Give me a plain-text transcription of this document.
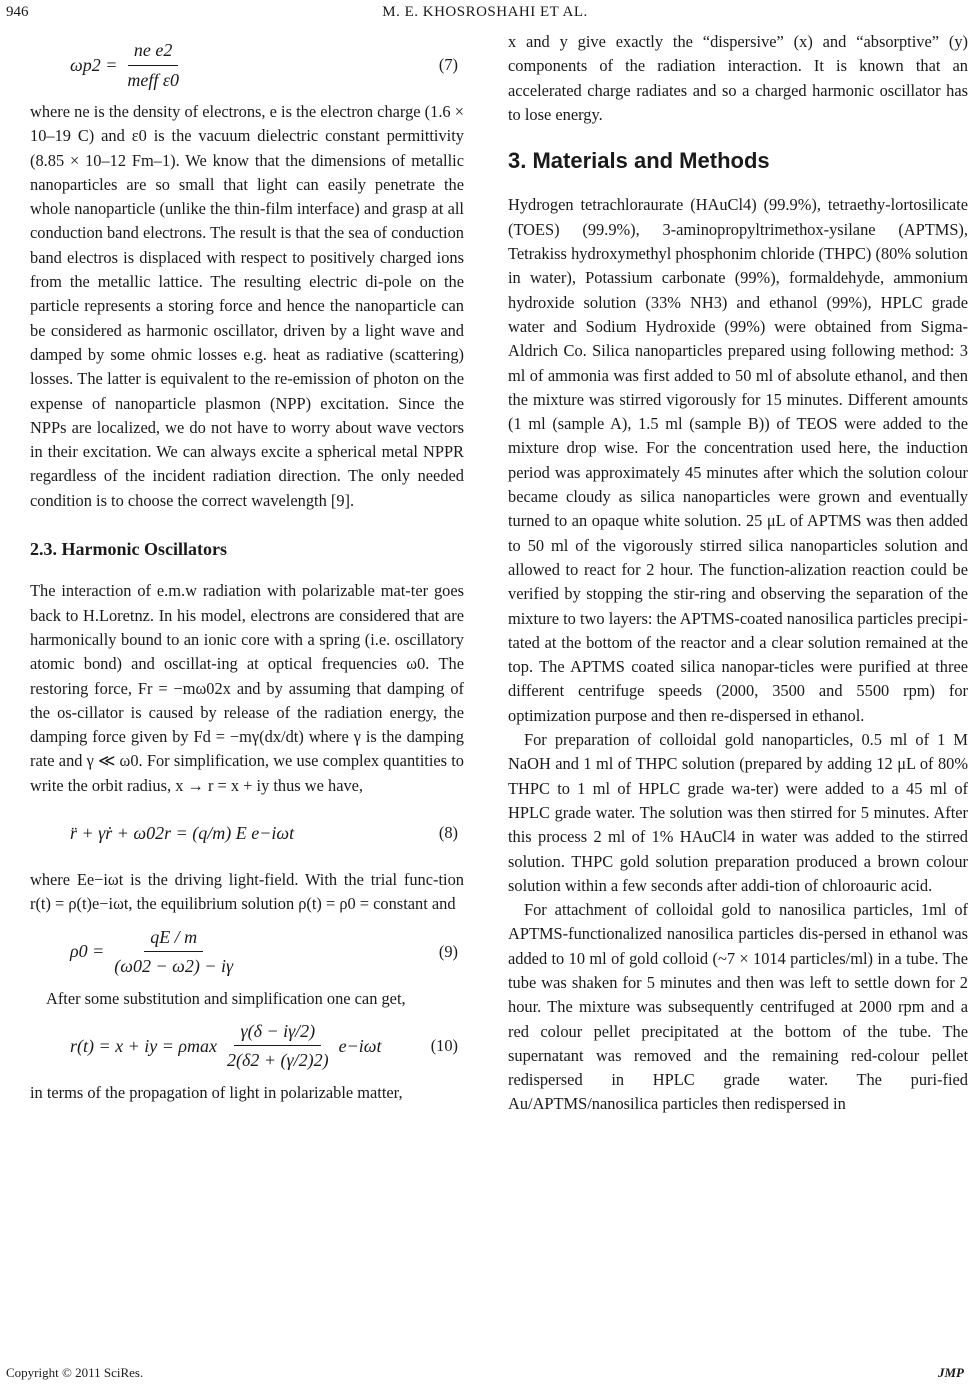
946	M. E. KHOSROSHAHI ET AL.
$\omega p2 = \frac{\text{ne e2}}{\text{meff ε0}}$	(7)

where ne is the density of electrons, e is the electron charge (1.6 × 10–19 C) and ε0 is the vacuum dielectric constant permittivity (8.85 × 10–12 Fm–1). We know that the dimensions of metallic nanoparticles are so small that light can easily penetrate the whole nanoparticle (unlike the thin-film interface) and grasp at all conduction band electrons. The result is that the sea of conduction band electros is displaced with respect to positively charged ions from the metallic lattice. The resulting electric di-pole on the particle represents a storing force and hence the nanoparticle can be considered as harmonic oscillator, driven by a light wave and damped by some ohmic losses e.g. heat as radiative (scattering) losses. The latter is equivalent to the re-emission of photon on the expense of nanoparticle plasmon (NPP) excitation. Since the NPPs are localized, we do not have to worry about wave vectors in their excitation. We can always excite a spherical metal NPPR regardless of the incident radiation direction. The only needed condition is to choose the correct wavelength [9].

2.3. Harmonic Oscillators

The interaction of e.m.w radiation with polarizable mat-ter goes back to H.Loretnz. In his model, electrons are considered that are harmonically bound to an ionic core with a spring (i.e. oscillatory atomic bond) and oscillat-ing at optical frequencies ω0. The restoring force, Fr = −mω02x and by assuming that damping of the os-cillator is caused by release of the radiation energy, the damping force given by Fd = −mγ(dx/dt) where γ is the damping rate and γ ≪ ω0. For simplification, we use complex quantities to write the orbit radius, x → r = x + iy thus we have,

r̈ + γṙ + ω02r = (q/m) E e−iωt	(8)

where Ee−iωt is the driving light-field. With the trial func-tion r(t) = ρ(t)e−iωt, the equilibrium solution ρ(t) = ρ0 = constant and

$\rho 0 = \frac{qE / m}{(\omega 02 - \omega 2) - i\gamma}$	(9)

After some substitution and simplification one can get,

r(t) = x + iy = ρmax $\frac{\gamma(\delta - i\gamma/2)}{2(\delta 2 + (\gamma/2)2)} e-i\omega t$	(10)

in terms of the propagation of light in polarizable matter,

x and y give exactly the “dispersive” (x) and “absorptive” (y) components of the radiation interaction. It is known that an accelerated charge radiates and so a charged harmonic oscillator has to lose energy.

3. Materials and Methods

Hydrogen tetrachloraurate (HAuCl4) (99.9%), tetraethy-lortosilicate (TOES) (99.9%), 3-aminopropyltrimethox-ysilane (APTMS), Tetrakiss hydroxymethyl phosphonim chloride (THPC) (80% solution in water), Potassium carbonate (99%), formaldehyde, ammonium hydroxide solution (33% NH3) and ethanol (99%), HPLC grade water and Sodium Hydroxide (99%) were obtained from Sigma-Aldrich Co. Silica nanoparticles prepared using following method: 3 ml of ammonia was first added to 50 ml of absolute ethanol, and then the mixture was stirred vigorously for 15 minutes. Different amounts (1 ml (sample A), 1.5 ml (sample B)) of TEOS were added to the mixture drop wise. For the concentration used here, the induction period was approximately 45 minutes after which the solution colour became cloudy as silica nanoparticles were grown and eventually turned to an opaque white solution. 25 μL of APTMS was then added to 50 ml of the vigorously stirred silica nanoparticles solution and allowed to react for 2 hour. The function-alization reaction could be verified by stopping the stir-ring and observing the separation of the mixture to two layers: the APTMS-coated nanosilica particles precipi-tated at the bottom of the reactor and a clear solution remained at the top. The APTMS coated silica nanopar-ticles were purified at three different centrifuge speeds (2000, 3500 and 5500 rpm) for optimization purpose and then re-dispersed in ethanol.

For preparation of colloidal gold nanoparticles, 0.5 ml of 1 M NaOH and 1 ml of THPC solution (prepared by adding 12 μL of 80% THPC to 1 ml of HPLC grade wa-ter) were added to a 45 ml of HPLC grade water. The solution was then stirred for 5 minutes. After this process 2 ml of 1% HAuCl4 in water was added to the stirred solution. THPC gold solution preparation produced a brown colour solution within a few seconds after addi-tion of chloroauric acid.

For attachment of colloidal gold to nanosilica particles, 1ml of APTMS-functionalized nanosilica particles dis-persed in ethanol was added to 10 ml of gold colloid (~7 × 1014 particles/ml) in a tube. The tube was shaken for 5 minutes and then was left to settle down for 2 hour. The mixture was subsequently centrifuged at 2000 rpm and a red colour pellet precipitated at the bottom of the tube. The supernatant was removed and the remaining red-colour pellet redispersed in HPLC grade water. The puri-fied Au/APTMS/nanosilica particles then redispersed in

Copyright © 2011 SciRes.	JMP
